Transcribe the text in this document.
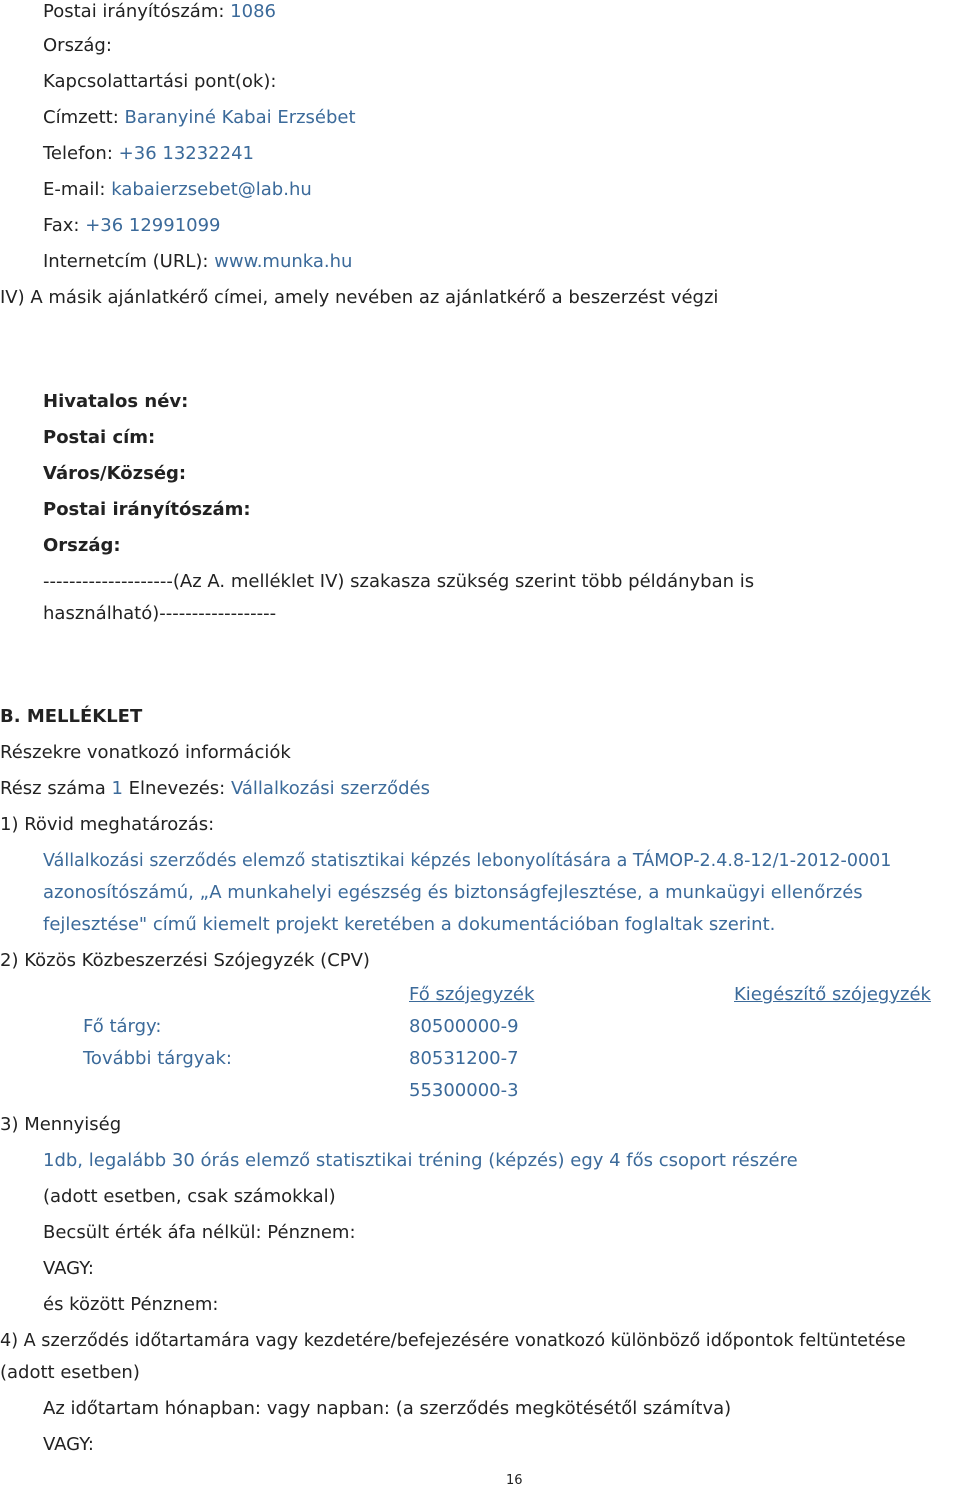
Postai irányítószám: 1086
Ország:
Kapcsolattartási pont(ok):
Címzett: Baranyiné Kabai Erzsébet
Telefon: +36 13232241
E-mail: kabaierzsebet@lab.hu
Fax: +36 12991099
Internetcím (URL): www.munka.hu
IV) A másik ajánlatkérő címei, amely nevében az ajánlatkérő a beszerzést végzi
Hivatalos név:
Postai cím:
Város/Község:
Postai irányítószám:
Ország:
--------------------(Az A. melléklet IV) szakasza szükség szerint több példányban is
használható)------------------
B. MELLÉKLET
Részekre vonatkozó információk
Rész száma 1 Elnevezés: Vállalkozási szerződés
1) Rövid meghatározás:
Vállalkozási szerződés elemző statisztikai képzés lebonyolítására a TÁMOP-2.4.8-12/1-2012-0001
azonosítószámú, „A munkahelyi egészség és biztonságfejlesztése, a munkaügyi ellenőrzés
fejlesztése" című kiemelt projekt keretében a dokumentációban foglaltak szerint.
2) Közös Közbeszerzési Szójegyzék (CPV)
Fő szójegyzék	Kiegészítő szójegyzék
Fő tárgy:	80500000-9
További tárgyak:	80531200-7
55300000-3
3) Mennyiség
1db, legalább 30 órás elemző statisztikai tréning (képzés) egy 4 fős csoport részére
(adott esetben, csak számokkal)
Becsült érték áfa nélkül: Pénznem:
VAGY:
és között Pénznem:
4) A szerződés időtartamára vagy kezdetére/befejezésére vonatkozó különböző időpontok feltüntetése
(adott esetben)
Az időtartam hónapban: vagy napban: (a szerződés megkötésétől számítva)
VAGY:
16
